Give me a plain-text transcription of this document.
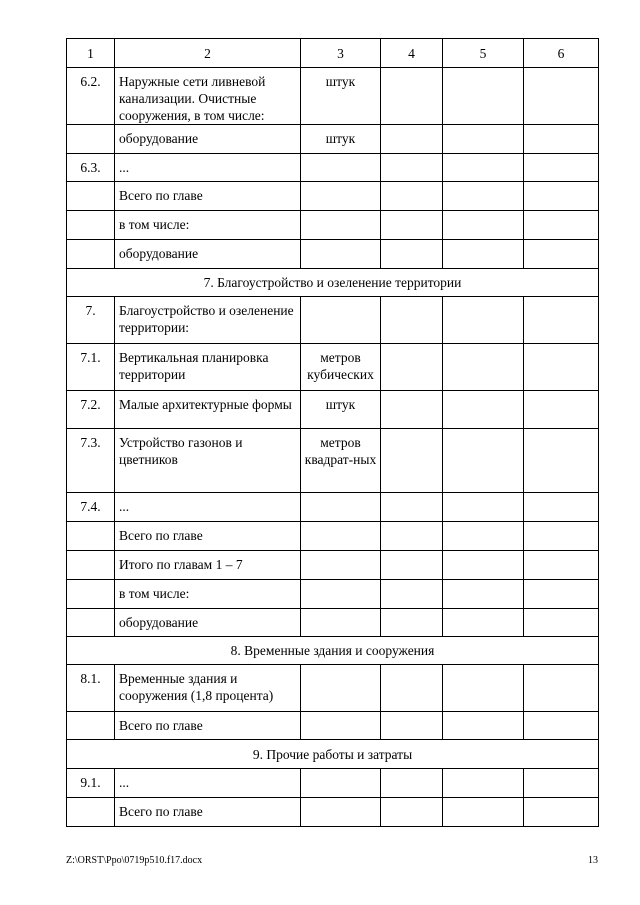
1	2	3	4	5	6
6.2.	Наружные сети ливневой канализации. Очистные сооружения, в том числе:	штук			
	оборудование	штук			
6.3.	...				
	Всего по главе				
	в том числе:				
	оборудование				
7. Благоустройство и озеленение территории					
7.	Благоустройство и озеленение территории:				
7.1.	Вертикальная планировка территории	метров кубических			
7.2.	Малые архитектурные формы	штук			
7.3.	Устройство газонов и цветников	метров квадрат-ных			
7.4.	...				
	Всего по главе				
	Итого по главам 1 – 7				
	в том числе:				
	оборудование				
8. Временные здания и сооружения					
8.1.	Временные здания и сооружения (1,8 процента)				
	Всего по главе				
9. Прочие работы и затраты					
9.1.	...				
	Всего по главе				
Z:\ORST\Ppo\0719p510.f17.docx	13
